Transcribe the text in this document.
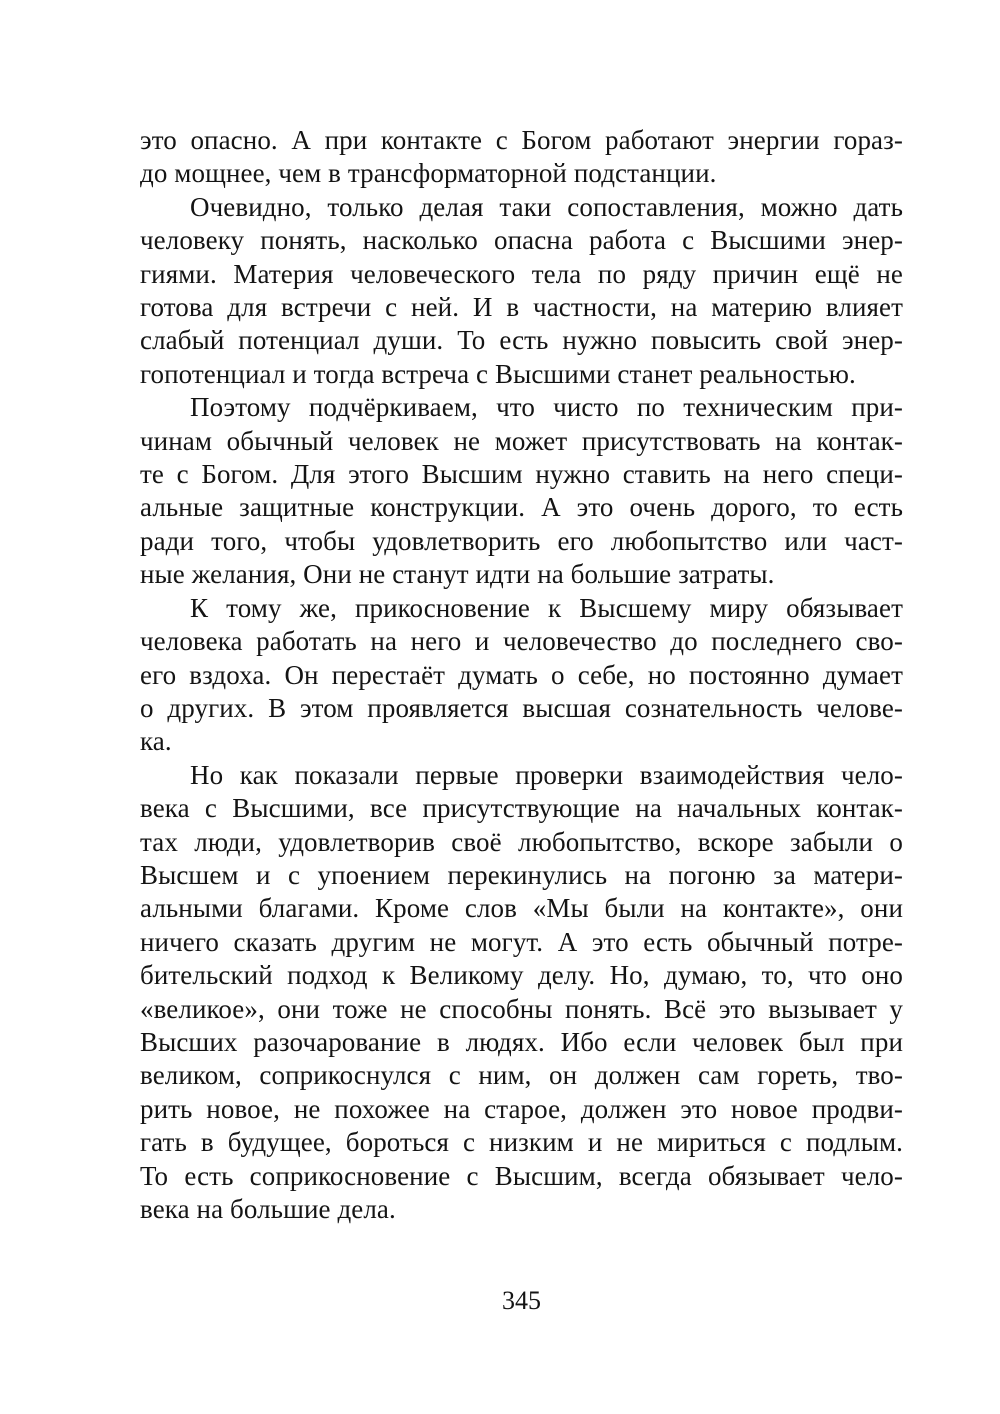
это опасно. А при контакте с Богом работают энергии гораз-
до мощнее, чем в трансформаторной подстанции.
Очевидно, только делая таки сопоставления, можно дать
человеку понять, насколько опасна работа с Высшими энер-
гиями. Материя человеческого тела по ряду причин ещё не
готова для встречи с ней. И в частности, на материю влияет
слабый потенциал души. То есть нужно повысить свой энер-
гопотенциал и тогда встреча с Высшими станет реальностью.
Поэтому подчёркиваем, что чисто по техническим при-
чинам обычный человек не может присутствовать на контак-
те с Богом. Для этого Высшим нужно ставить на него специ-
альные защитные конструкции. А это очень дорого, то есть
ради того, чтобы удовлетворить его любопытство или част-
ные желания, Они не станут идти на большие затраты.
К тому же, прикосновение к Высшему миру обязывает
человека работать на него и человечество до последнего сво-
его вздоха. Он перестаёт думать о себе, но постоянно думает
о других. В этом проявляется высшая сознательность челове-
ка.
Но как показали первые проверки взаимодействия чело-
века с Высшими, все присутствующие на начальных контак-
тах люди, удовлетворив своё любопытство, вскоре забыли о
Высшем и с упоением перекинулись на погоню за матери-
альными благами. Кроме слов «Мы были на контакте», они
ничего сказать другим не могут. А это есть обычный потре-
бительский подход к Великому делу. Но, думаю, то, что оно
«великое», они тоже не способны понять. Всё это вызывает у
Высших разочарование в людях. Ибо если человек был при
великом, соприкоснулся с ним, он должен сам гореть, тво-
рить новое, не похожее на старое, должен это новое продви-
гать в будущее, бороться с низким и не мириться с подлым.
То есть соприкосновение с Высшим, всегда обязывает чело-
века на большие дела.
345
